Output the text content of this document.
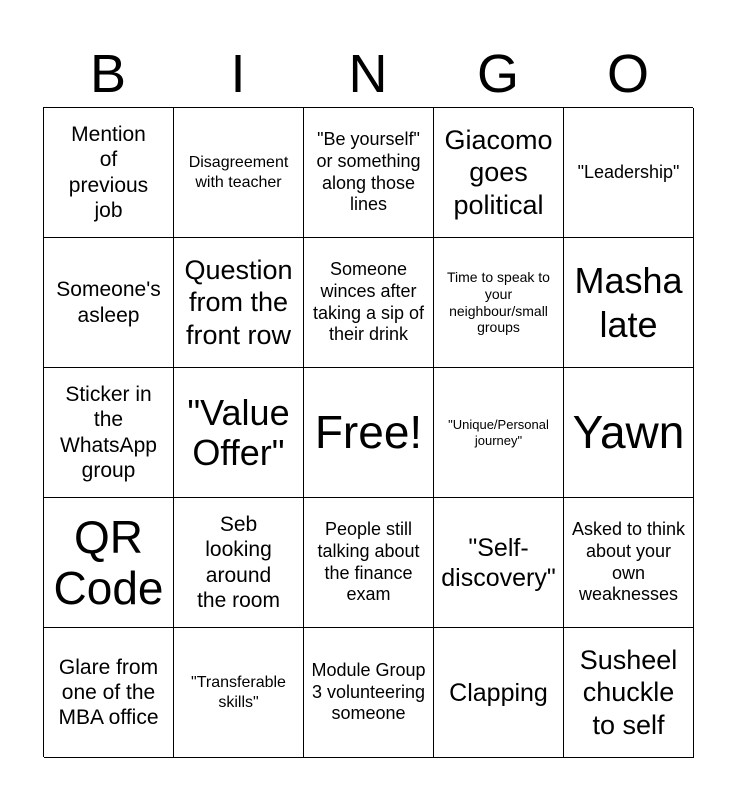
B	I	N	G	O
Mention of previous job
Disagreement with teacher
"Be yourself" or something along those lines
Giacomo goes political
"Leadership"
Someone's asleep
Question from the front row
Someone winces after taking a sip of their drink
Time to speak to your neighbour/small groups
Masha late
Sticker in the WhatsApp group
"Value Offer" Free!	"Unique/Personal journey"	Yawn
QR Code
Seb looking around the room
People still talking about the finance exam
"Self-discovery"
Asked to think about your own weaknesses
Glare from one of the MBA office
"Transferable skills"
Module Group 3 volunteering someone
Clapping
Susheel chuckle to self
